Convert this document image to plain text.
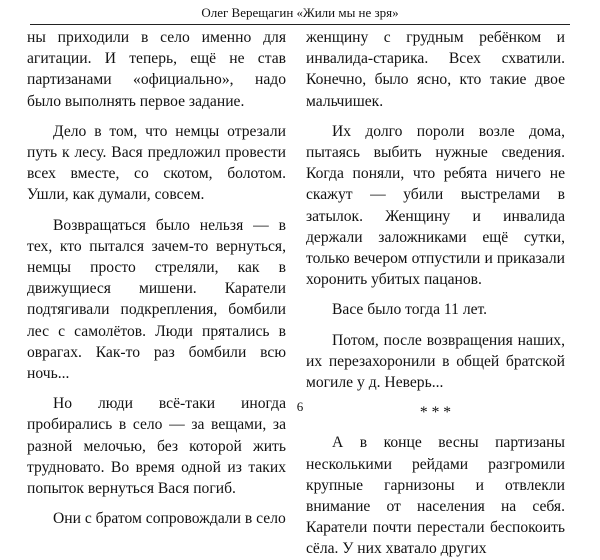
Олег Верещагин «Жили мы не зря»

ны приходили в село именно для агитации. И теперь, ещё не став партизанами «официально», надо было выполнять первое задание.

Дело в том, что немцы отрезали путь к лесу. Вася предложил провести всех вместе, со скотом, болотом. Ушли, как думали, совсем.

Возвращаться было нельзя — в тех, кто пытался зачем-то вернуться, немцы просто стреляли, как в движущиеся мишени. Каратели подтягивали подкрепления, бомбили лес с самолётов. Люди прятались в оврагах. Как-то раз бомбили всю ночь...

Но люди всё-таки иногда пробирались в село — за вещами, за разной мелочью, без которой жить трудновато. Во время одной из таких попыток вернуться Вася погиб.

Они с братом сопровождали в село

женщину с грудным ребёнком и инвалида-старика. Всех схватили. Конечно, было ясно, кто такие двое мальчишек.

Их долго пороли возле дома, пытаясь выбить нужные сведения. Когда поняли, что ребята ничего не скажут — убили выстрелами в затылок. Женщину и инвалида держали заложниками ещё сутки, только вечером отпустили и приказали хоронить убитых пацанов.

Васе было тогда 11 лет.

Потом, после возвращения наших, их перезахоронили в общей братской могиле у д. Неверь...

* * *

А в конце весны партизаны несколькими рейдами разгромили крупные гарнизоны и отвлекли внимание от населения на себя. Каратели почти перестали беспокоить сёла. У них хватало других

6
